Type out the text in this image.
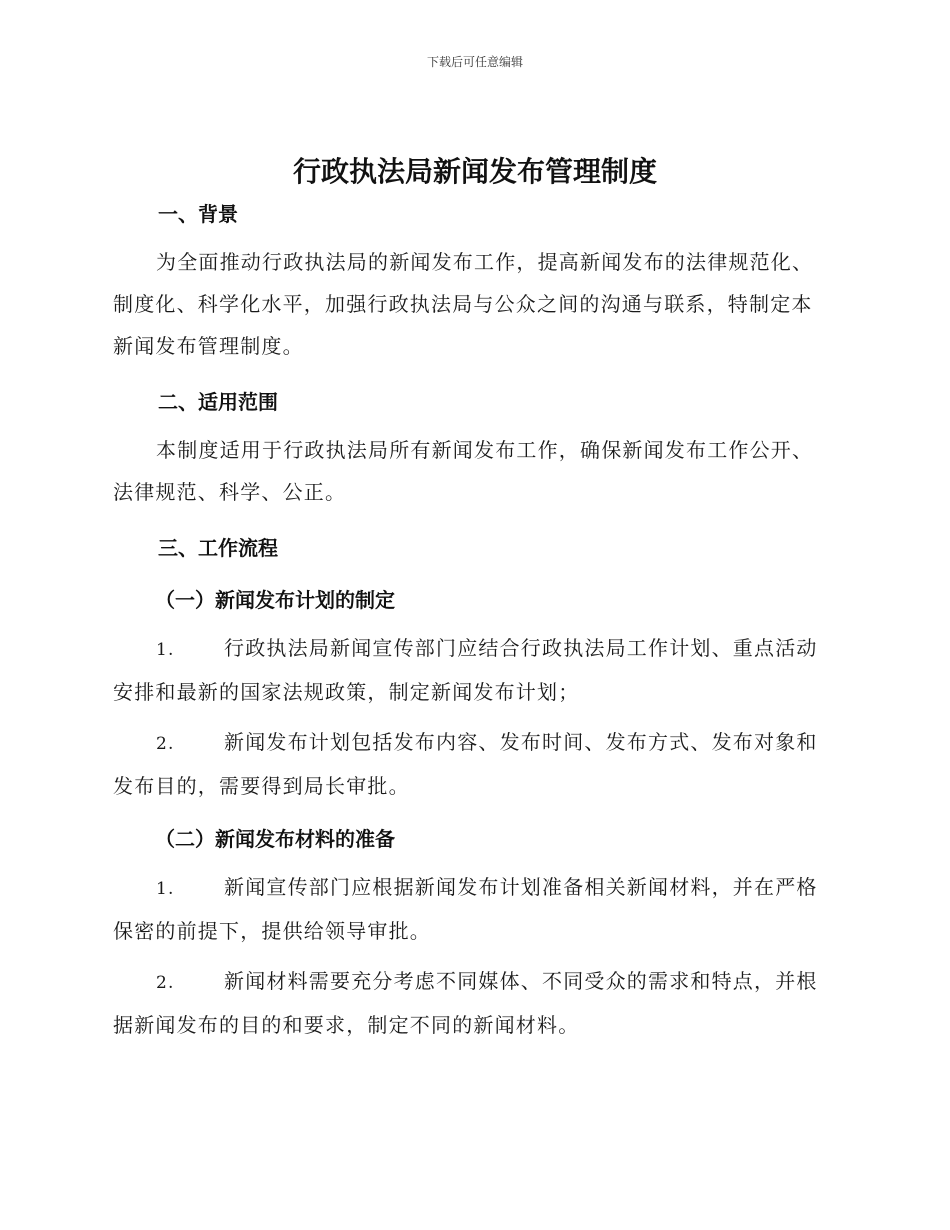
下载后可任意编辑
行政执法局新闻发布管理制度
一、背景
为全面推动行政执法局的新闻发布工作，提高新闻发布的法律规范化、
制度化、科学化水平，加强行政执法局与公众之间的沟通与联系，特制定本
新闻发布管理制度。
二、适用范围
本制度适用于行政执法局所有新闻发布工作，确保新闻发布工作公开、
法律规范、科学、公正。
三、工作流程
（一）新闻发布计划的制定
1. 行政执法局新闻宣传部门应结合行政执法局工作计划、重点活动
安排和最新的国家法规政策，制定新闻发布计划；
2. 新闻发布计划包括发布内容、发布时间、发布方式、发布对象和
发布目的，需要得到局长审批。
（二）新闻发布材料的准备
1. 新闻宣传部门应根据新闻发布计划准备相关新闻材料，并在严格
保密的前提下，提供给领导审批。
2. 新闻材料需要充分考虑不同媒体、不同受众的需求和特点，并根
据新闻发布的目的和要求，制定不同的新闻材料。
